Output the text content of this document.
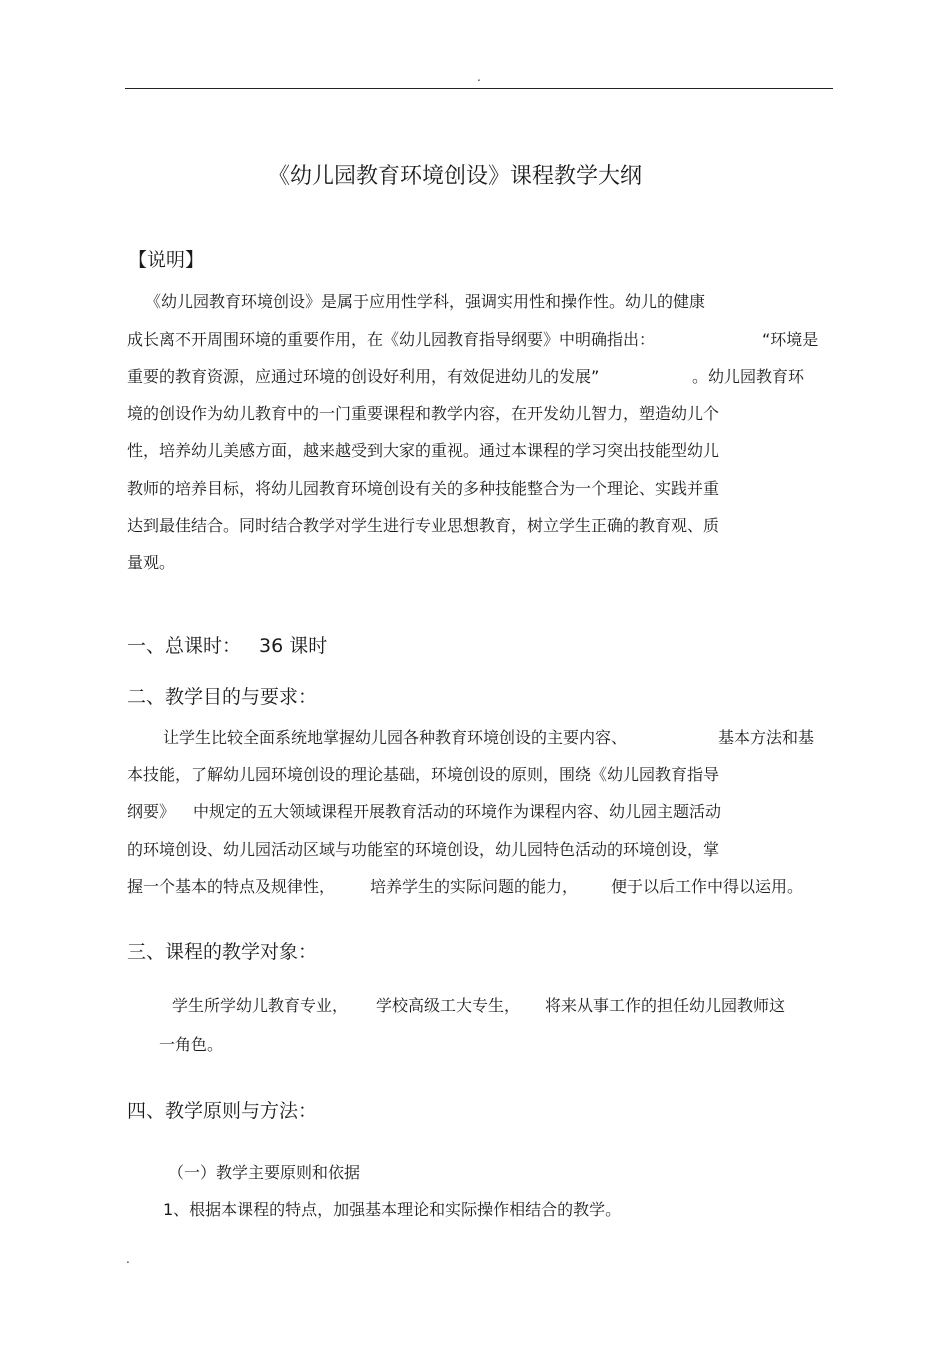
.
《幼儿园教育环境创设》课程教学大纲
【说明】
《幼儿园教育环境创设》是属于应用性学科，强调实用性和操作性。幼儿的健康
成长离不开周围环境的重要作用，在《幼儿园教育指导纲要》中明确指出：	“环境是
重要的教育资源，应通过环境的创设好利用，有效促进幼儿的发展”	。幼儿园教育环
境的创设作为幼儿教育中的一门重要课程和教学内容，在开发幼儿智力，塑造幼儿个
性，培养幼儿美感方面，越来越受到大家的重视。通过本课程的学习突出技能型幼儿
教师的培养目标，将幼儿园教育环境创设有关的多种技能整合为一个理论、实践并重
达到最佳结合。同时结合教学对学生进行专业思想教育，树立学生正确的教育观、质
量观。
一、总课时： 36 课时
二、教学目的与要求：
让学生比较全面系统地掌握幼儿园各种教育环境创设的主要内容、	基本方法和基
本技能，了解幼儿园环境创设的理论基础，环境创设的原则，围绕《幼儿园教育指导
纲要》 中规定的五大领域课程开展教育活动的环境作为课程内容、幼儿园主题活动
的环境创设、幼儿园活动区域与功能室的环境创设，幼儿园特色活动的环境创设，掌
握一个基本的特点及规律性， 培养学生的实际问题的能力， 便于以后工作中得以运用。
三、课程的教学对象：
学生所学幼儿教育专业， 学校高级工大专生， 将来从事工作的担任幼儿园教师这
一角色。
四、教学原则与方法：
（一）教学主要原则和依据
1、根据本课程的特点，加强基本理论和实际操作相结合的教学。
.
